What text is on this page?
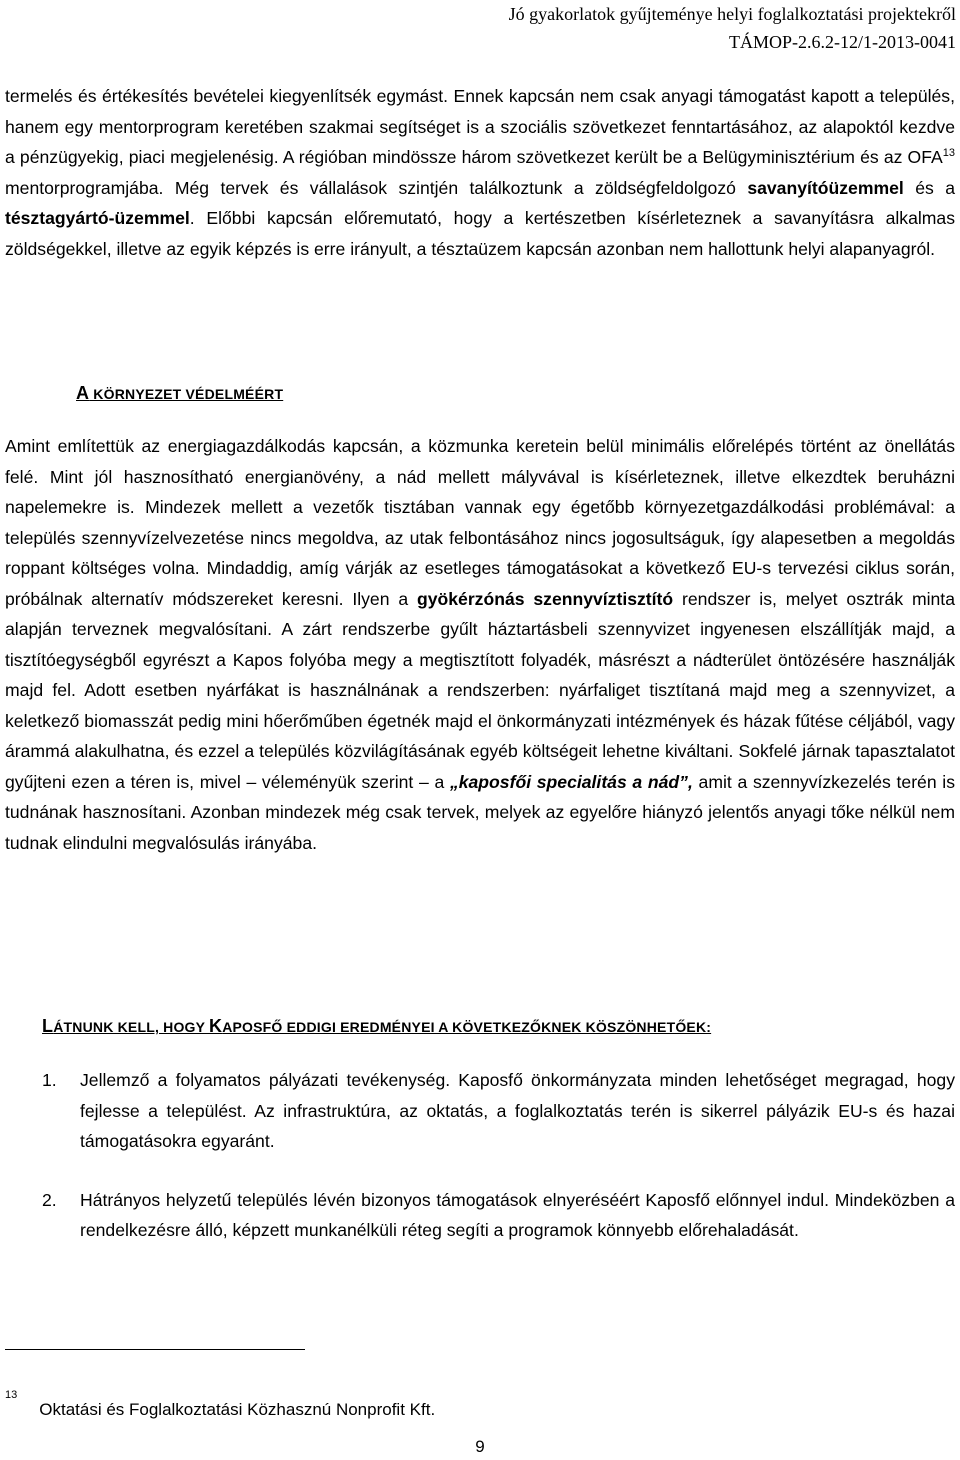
Jó gyakorlatok gyűjteménye helyi foglalkoztatási projektekről
TÁMOP-2.6.2-12/1-2013-0041

termelés és értékesítés bevételei kiegyenlítsék egymást. Ennek kapcsán nem csak anyagi támogatást kapott a település, hanem egy mentorprogram keretében szakmai segítséget is a szociális szövetkezet fenntartásához, az alapoktól kezdve a pénzügyekig, piaci megjelenésig. A régióban mindössze három szövetkezet került be a Belügyminisztérium és az OFA$^{13}$ mentorprogramjába. Még tervek és vállalások szintjén találkoztunk a zöldségfeldolgozó savanyítóüzemmel és a tésztagyártó-üzemmel. Előbbi kapcsán előremutató, hogy a kertészetben kísérleteznek a savanyításra alkalmas zöldségekkel, illetve az egyik képzés is erre irányult, a tésztaüzem kapcsán azonban nem hallottunk helyi alapanyagról.

A KÖRNYEZET VÉDELMÉÉRT

Amint említettük az energiagazdálkodás kapcsán, a közmunka keretein belül minimális előrelépés történt az önellátás felé. Mint jól hasznosítható energianövény, a nád mellett mályvával is kísérleteznek, illetve elkezdtek beruházni napelemekre is. Mindezek mellett a vezetők tisztában vannak egy égetőbb környezetgazdálkodási problémával: a település szennyvízelvezetése nincs megoldva, az utak felbontásához nincs jogosultságuk, így alapesetben a megoldás roppant költséges volna. Mindaddig, amíg várják az esetleges támogatásokat a következő EU-s tervezési ciklus során, próbálnak alternatív módszereket keresni. Ilyen a gyökérzónás szennyvíztisztító rendszer is, melyet osztrák minta alapján terveznek megvalósítani. A zárt rendszerbe gyűlt háztartásbeli szennyvizet ingyenesen elszállítják majd, a tisztítóegységből egyrészt a Kapos folyóba megy a megtisztított folyadék, másrészt a nádterület öntözésére használják majd fel. Adott esetben nyárfákat is használnának a rendszerben: nyárfaliget tisztítaná majd meg a szennyvizet, a keletkező biomasszát pedig mini hőerőműben égetnék majd el önkormányzati intézmények és házak fűtése céljából, vagy árammá alakulhatna, és ezzel a település közvilágításának egyéb költségeit lehetne kiváltani. Sokfelé járnak tapasztalatot gyűjteni ezen a téren is, mivel – véleményük szerint – a „kaposfői specialitás a nád”, amit a szennyvízkezelés terén is tudnának hasznosítani. Azonban mindezek még csak tervek, melyek az egyelőre hiányzó jelentős anyagi tőke nélkül nem tudnak elindulni megvalósulás irányába.

LÁTNUNK KELL, HOGY KAPOSFŐ EDDIGI EREDMÉNYEI A KÖVETKEZŐKNEK KÖSZÖNHETŐEK:
1. Jellemző a folyamatos pályázati tevékenység. Kaposfő önkormányzata minden lehetőséget megragad, hogy fejlesse a települést. Az infrastruktúra, az oktatás, a foglalkoztatás terén is sikerrel pályázik EU-s és hazai támogatásokra egyaránt.
2. Hátrányos helyzetű település lévén bizonyos támogatások elnyeréséért Kaposfő előnnyel indul. Mindeközben a rendelkezésre álló, képzett munkanélküli réteg segíti a programok könnyebb előrehaladását.
$^{13}$Oktatási és Foglalkoztatási Közhasznú Nonprofit Kft.
9
